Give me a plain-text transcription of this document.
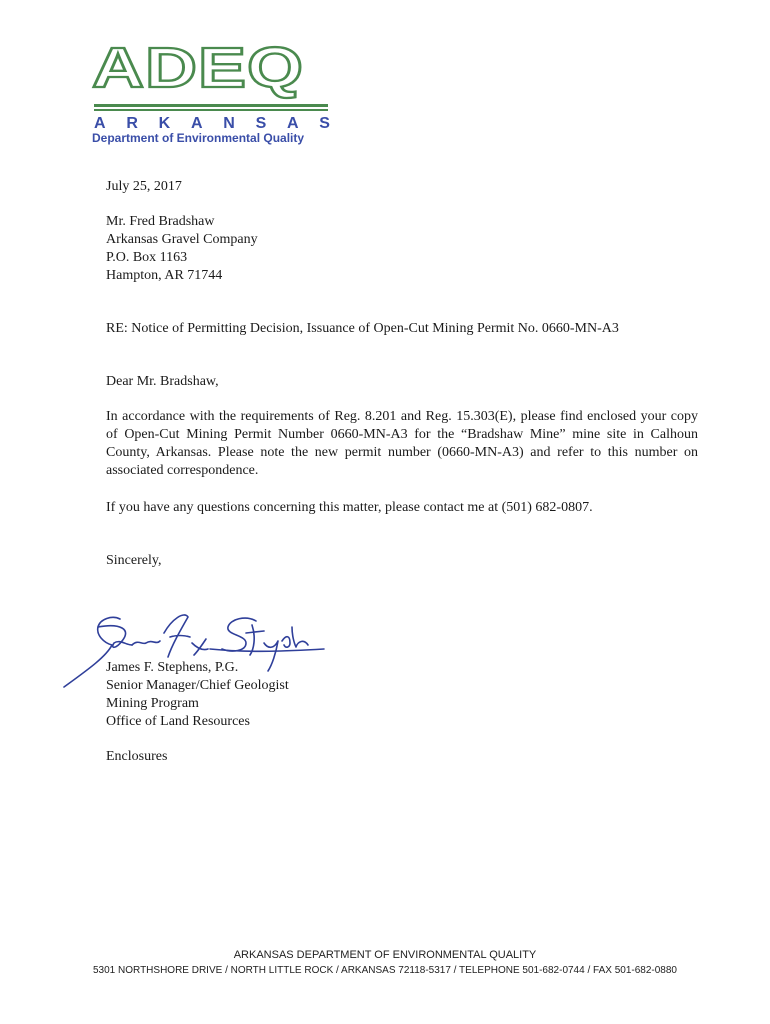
ADEQ
A R K A N S A S
Department of Environmental Quality
July 25, 2017
Mr. Fred Bradshaw
Arkansas Gravel Company
P.O. Box 1163
Hampton, AR 71744
RE: Notice of Permitting Decision, Issuance of Open-Cut Mining Permit No. 0660-MN-A3
Dear Mr. Bradshaw,
In accordance with the requirements of Reg. 8.201 and Reg. 15.303(E), please find enclosed your copy of Open-Cut Mining Permit Number 0660-MN-A3 for the “Bradshaw Mine” mine site in Calhoun County, Arkansas. Please note the new permit number (0660-MN-A3) and refer to this number on associated correspondence.
If you have any questions concerning this matter, please contact me at (501) 682-0807.
Sincerely,
James F. Stephens, P.G.
Senior Manager/Chief Geologist
Mining Program
Office of Land Resources
Enclosures
ARKANSAS DEPARTMENT OF ENVIRONMENTAL QUALITY
5301 NORTHSHORE DRIVE / NORTH LITTLE ROCK / ARKANSAS 72118-5317 / TELEPHONE 501-682-0744 / FAX 501-682-0880
